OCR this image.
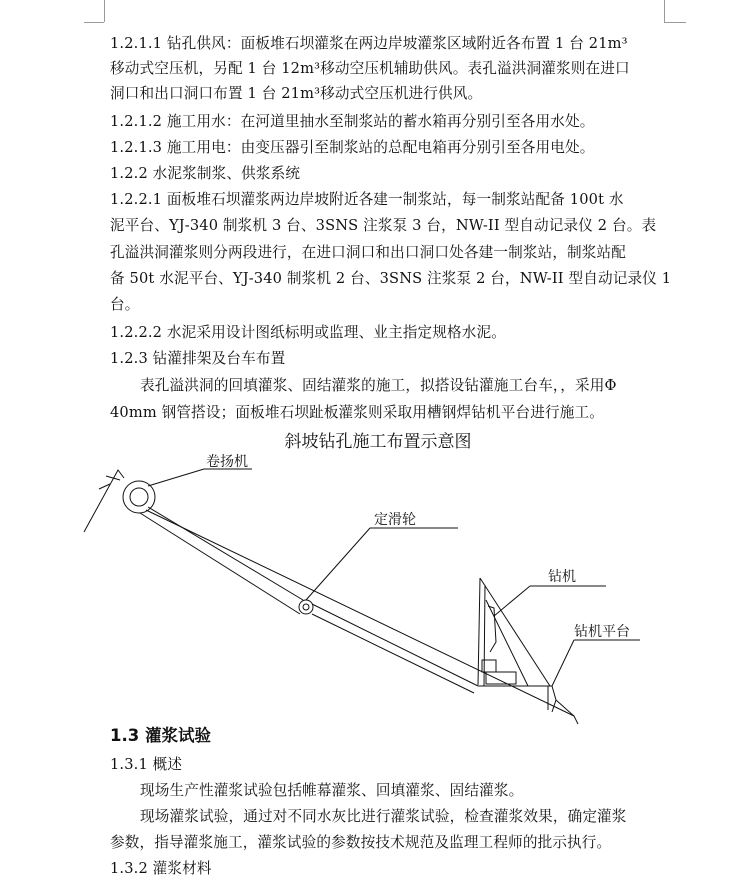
1.2.1.1 钻孔供风：面板堆石坝灌浆在两边岸坡灌浆区域附近各布置 1 台 21m³
移动式空压机，另配 1 台 12m³移动空压机辅助供风。表孔溢洪洞灌浆则在进口
洞口和出口洞口布置 1 台 21m³移动式空压机进行供风。
1.2.1.2 施工用水：在河道里抽水至制浆站的蓄水箱再分别引至各用水处。
1.2.1.3 施工用电：由变压器引至制浆站的总配电箱再分别引至各用电处。
1.2.2 水泥浆制浆、供浆系统
1.2.2.1 面板堆石坝灌浆两边岸坡附近各建一制浆站，每一制浆站配备 100t 水
泥平台、YJ-340 制浆机 3 台、3SNS 注浆泵 3 台，NW-II 型自动记录仪 2 台。表
孔溢洪洞灌浆则分两段进行，在进口洞口和出口洞口处各建一制浆站，制浆站配
备 50t 水泥平台、YJ-340 制浆机 2 台、3SNS 注浆泵 2 台，NW-II 型自动记录仪 1
台。
1.2.2.2 水泥采用设计图纸标明或监理、业主指定规格水泥。
1.2.3 钻灌排架及台车布置
表孔溢洪洞的回填灌浆、固结灌浆的施工，拟搭设钻灌施工台车，，采用Φ
40mm 钢管搭设；面板堆石坝趾板灌浆则采取用槽钢焊钻机平台进行施工。
斜坡钻孔施工布置示意图
卷扬机
定滑轮
钻机
钻机平台
1.3 灌浆试验
1.3.1 概述
现场生产性灌浆试验包括帷幕灌浆、回填灌浆、固结灌浆。
现场灌浆试验，通过对不同水灰比进行灌浆试验，检查灌浆效果，确定灌浆
参数，指导灌浆施工，灌浆试验的参数按技术规范及监理工程师的批示执行。
1.3.2 灌浆材料
